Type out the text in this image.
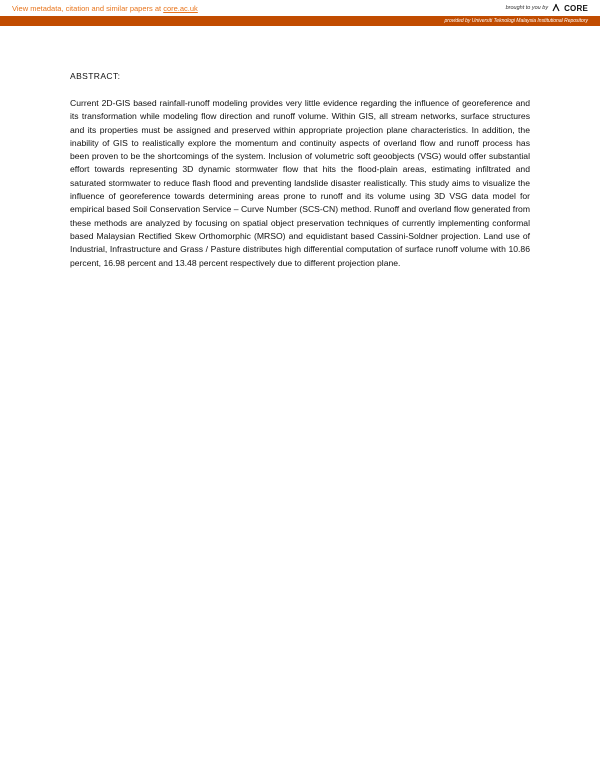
View metadata, citation and similar papers at core.ac.uk	brought to you by CORE
provided by Universiti Teknologi Malaysia Institutional Repository
ABSTRACT:

Current 2D-GIS based rainfall-runoff modeling provides very little evidence regarding the influence of georeference and its transformation while modeling flow direction and runoff volume. Within GIS, all stream networks, surface structures and its properties must be assigned and preserved within appropriate projection plane characteristics. In addition, the inability of GIS to realistically explore the momentum and continuity aspects of overland flow and runoff process has been proven to be the shortcomings of the system. Inclusion of volumetric soft geoobjects (VSG) would offer substantial effort towards representing 3D dynamic stormwater flow that hits the flood-plain areas, estimating infiltrated and saturated stormwater to reduce flash flood and preventing landslide disaster realistically. This study aims to visualize the influence of georeference towards determining areas prone to runoff and its volume using 3D VSG data model for empirical based Soil Conservation Service – Curve Number (SCS-CN) method. Runoff and overland flow generated from these methods are analyzed by focusing on spatial object preservation techniques of currently implementing conformal based Malaysian Rectified Skew Orthomorphic (MRSO) and equidistant based Cassini-Soldner projection. Land use of Industrial, Infrastructure and Grass / Pasture distributes high differential computation of surface runoff volume with 10.86 percent, 16.98 percent and 13.48 percent respectively due to different projection plane.
